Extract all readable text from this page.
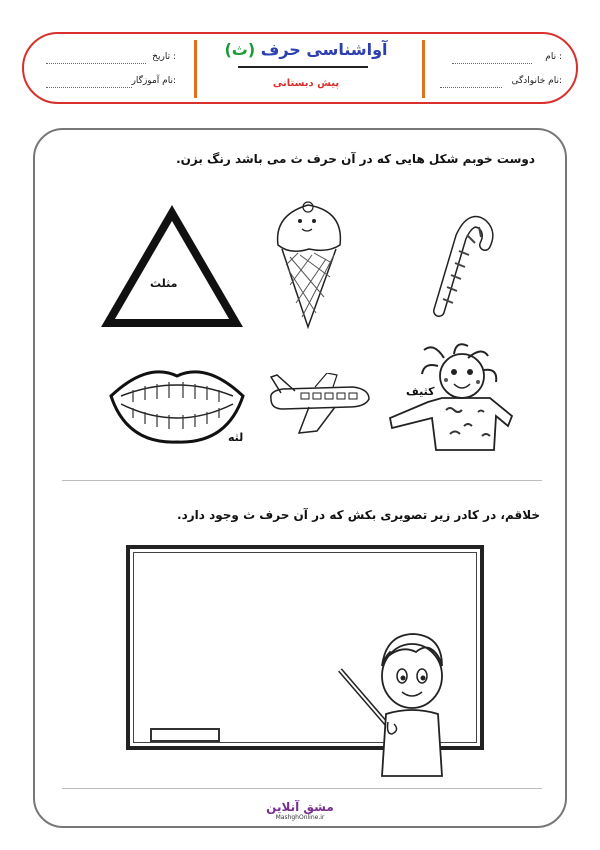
نام :
نام خانوادگی:
آواشناسی حرف (ث)
پیش دبستانی
تاریخ :
نام آموزگار:
دوست خوبم شکل هایی که در آن حرف ث می باشد رنگ بزن.
مثلث
لثه
کثیف
خلاقم، در کادر زیر تصویری بکش که در آن حرف ث وجود دارد.
مشق آنلاین
MashghOnline.ir
